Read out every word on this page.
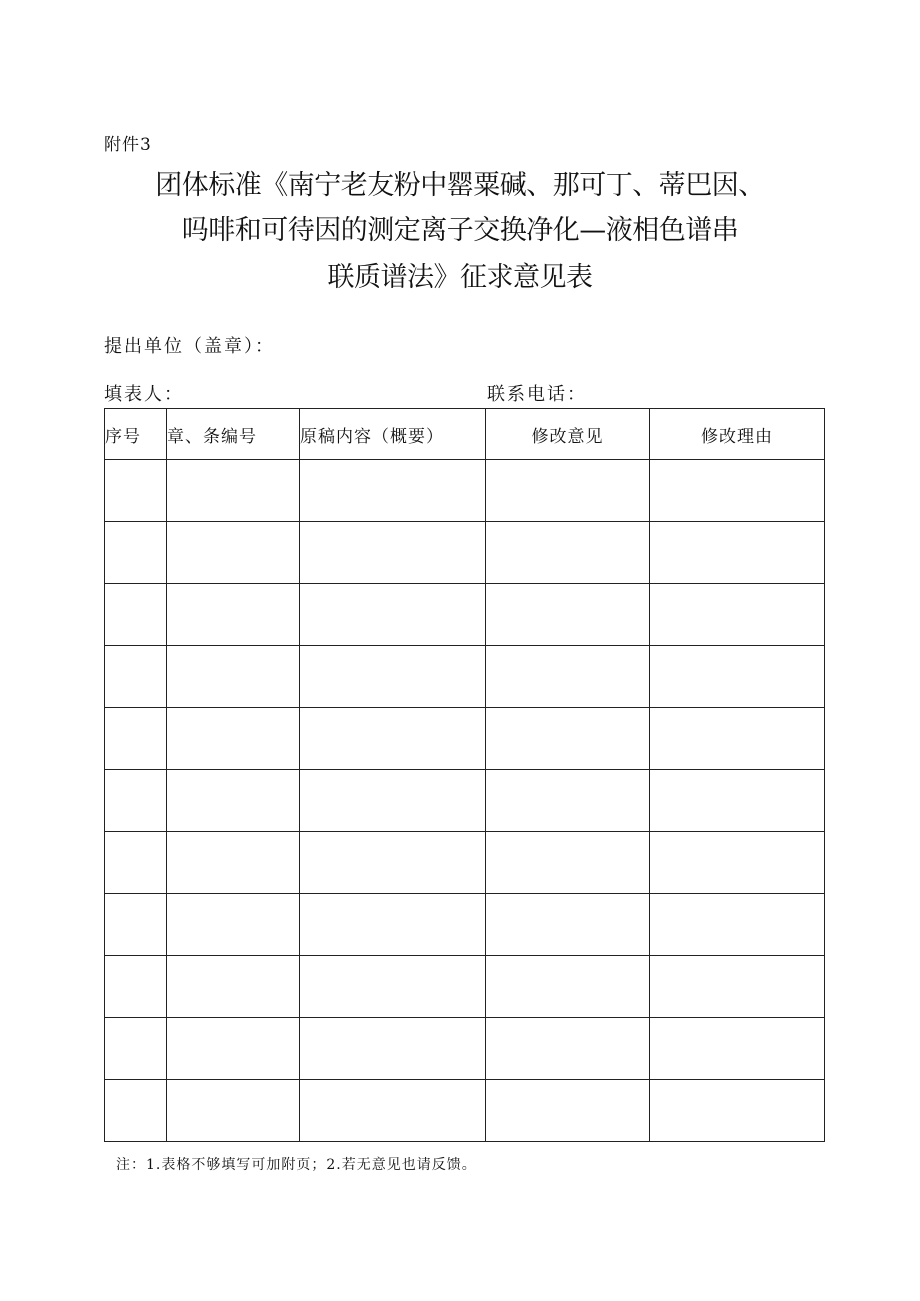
附件3
团体标准《南宁老友粉中罂粟碱、那可丁、蒂巴因、
吗啡和可待因的测定离子交换净化—液相色谱串
联质谱法》征求意见表
提出单位（盖章）：
填表人：	联系电话：
序号	章、条编号	原稿内容（概要）	修改意见	修改理由

注：1.表格不够填写可加附页；2.若无意见也请反馈。
